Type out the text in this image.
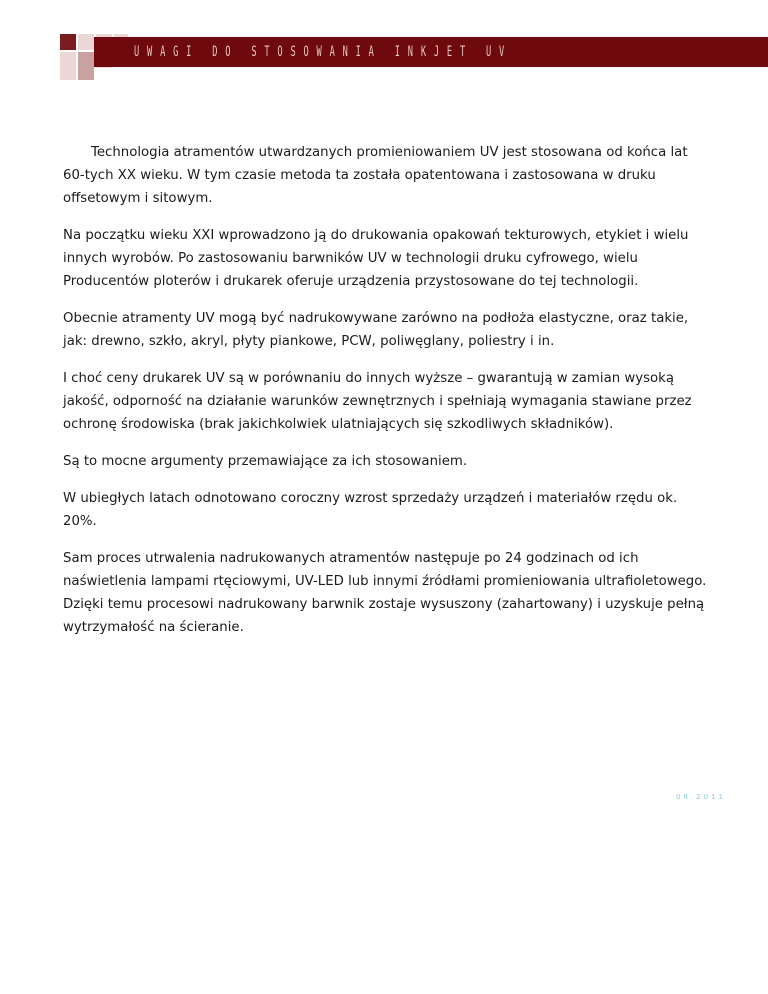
UWAGI DO STOSOWANIA INKJET UV

Technologia atramentów utwardzanych promieniowaniem UV jest stosowana od końca lat 60-tych XX wieku. W tym czasie metoda ta została opatentowana i zastosowana w druku offsetowym i sitowym.

Na początku wieku XXI wprowadzono ją do drukowania opakowań tekturowych, etykiet i wielu innych wyrobów. Po zastosowaniu barwników UV w technologii druku cyfrowego, wielu Producentów ploterów i drukarek oferuje urządzenia przystosowane do tej technologii.

Obecnie atramenty UV mogą być nadrukowywane zarówno na podłoża elastyczne, oraz takie, jak: drewno, szkło, akryl, płyty piankowe, PCW, poliwęglany, poliestry i in.

I choć ceny drukarek UV są w porównaniu do innych wyższe – gwarantują w zamian wysoką jakość, odporność na działanie warunków zewnętrznych i spełniają wymagania stawiane przez ochronę środowiska (brak jakichkolwiek ulatniających się szkodliwych składników).

Są to mocne argumenty przemawiające za ich stosowaniem.

W ubiegłych latach odnotowano coroczny wzrost sprzedaży urządzeń i materiałów rzędu ok. 20%.

Sam proces utrwalenia nadrukowanych atramentów następuje po 24 godzinach od ich naświetlenia lampami rtęciowymi, UV-LED lub innymi źródłami promieniowania ultrafioletowego. Dzięki temu procesowi nadrukowany barwnik zostaje wysuszony (zahartowany) i uzyskuje pełną wytrzymałość na ścieranie.

08.2011
